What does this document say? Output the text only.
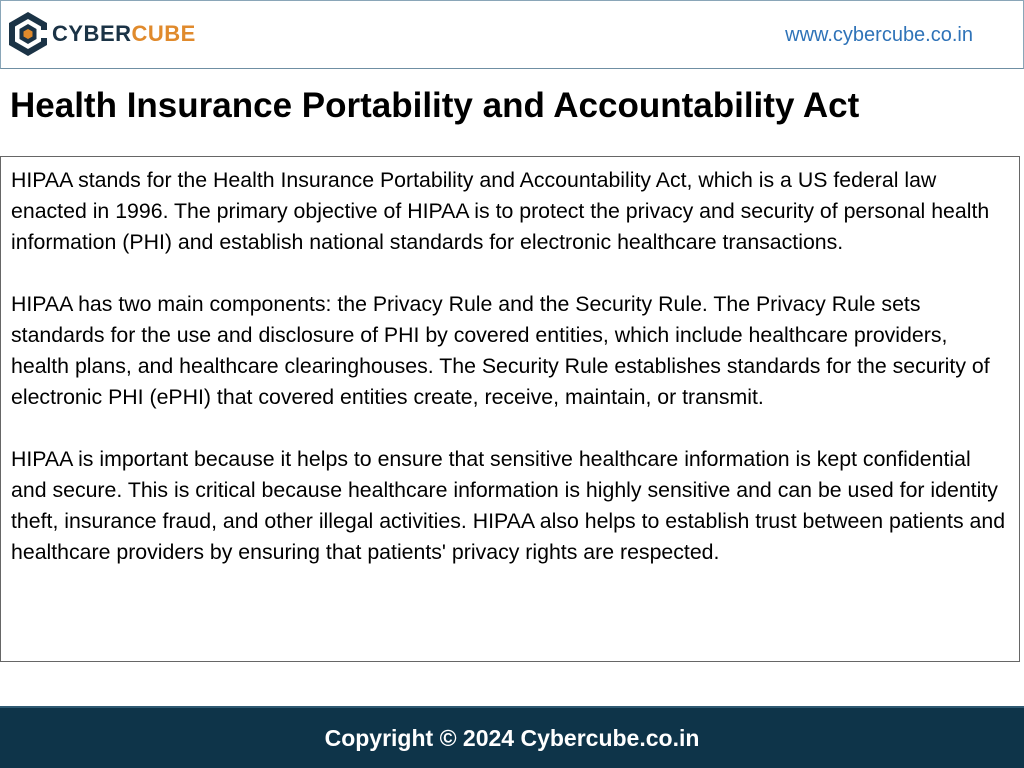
CYBERCUBE	www.cybercube.co.in
Health Insurance Portability and Accountability Act

HIPAA stands for the Health Insurance Portability and Accountability Act, which is a US federal law enacted in 1996. The primary objective of HIPAA is to protect the privacy and security of personal health information (PHI) and establish national standards for electronic healthcare transactions.

HIPAA has two main components: the Privacy Rule and the Security Rule. The Privacy Rule sets standards for the use and disclosure of PHI by covered entities, which include healthcare providers, health plans, and healthcare clearinghouses. The Security Rule establishes standards for the security of electronic PHI (ePHI) that covered entities create, receive, maintain, or transmit.

HIPAA is important because it helps to ensure that sensitive healthcare information is kept confidential and secure. This is critical because healthcare information is highly sensitive and can be used for identity theft, insurance fraud, and other illegal activities. HIPAA also helps to establish trust between patients and healthcare providers by ensuring that patients' privacy rights are respected.

Copyright © 2024 Cybercube.co.in
